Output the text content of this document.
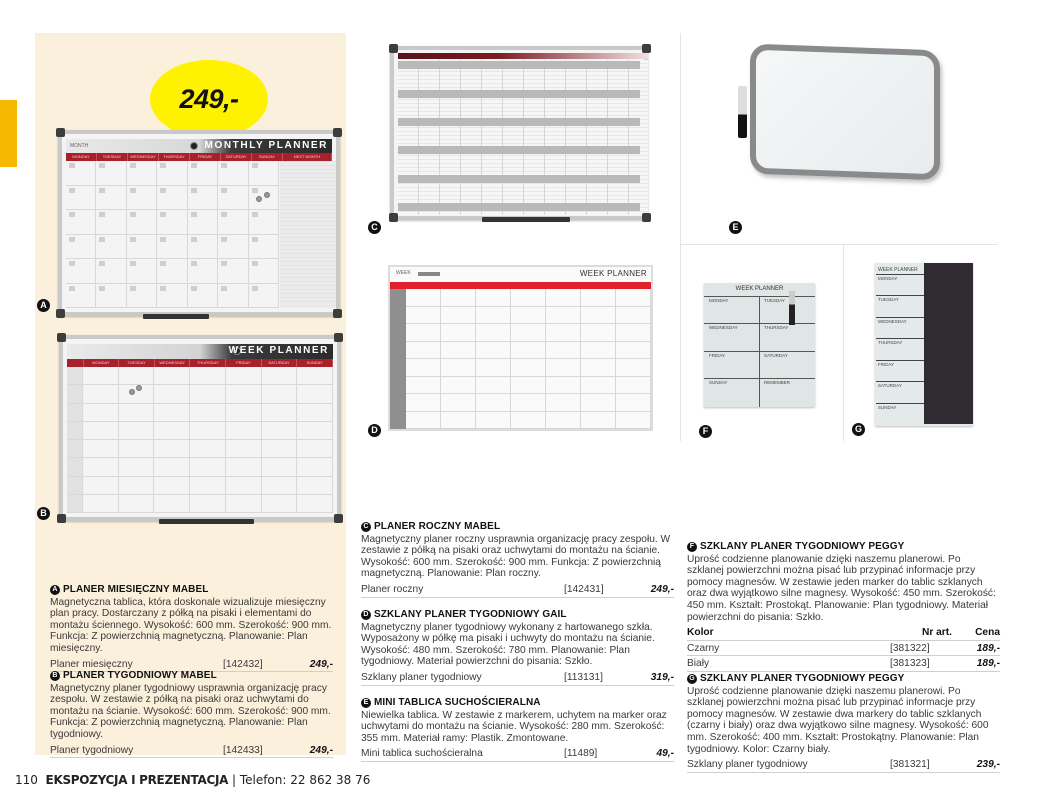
249,-
MONTH	MONTHLY PLANNER
MONDAY	TUESDAY	WEDNESDAY	THURSDAY	FRIDAY	SATURDAY	SUNDAY	NEXT MONTH
A
WEEK PLANNER
MONDAY	TUESDAY	WEDNESDAY	THURSDAY	FRIDAY	SATURDAY	SUNDAY
B
C
WEEK	WEEK PLANNER
D
E
WEEK PLANNER
MONDAY	TUESDAY
WEDNESDAY	THURSDAY
FRIDAY	SATURDAY
SUNDAY	REMEMBER
F
WEEK PLANNER
MONDAY
TUESDAY
WEDNESDAY
THURSDAY
FRIDAY
SATURDAY
SUNDAY
G
A PLANER MIESIĘCZNY MABEL

Magnetyczna tablica, która doskonale wizualizuje miesięczny plan pracy. Dostarczany z półką na pisaki i elementami do montażu ściennego. Wysokość: 600 mm. Szerokość: 900 mm. Funkcja: Z powierzchnią magnetyczną. Planowanie: Plan miesięczny.

Planer miesięczny	[142432]	249,-
B PLANER TYGODNIOWY MABEL

Magnetyczny planer tygodniowy usprawnia organizację pracy zespołu. W zestawie z półką na pisaki oraz uchwytami do montażu na ścianie. Wysokość: 600 mm. Szerokość: 900 mm. Funkcja: Z powierzchnią magnetyczną. Planowanie: Plan tygodniowy.

Planer tygodniowy	[142433]	249,-
C PLANER ROCZNY MABEL

Magnetyczny planer roczny usprawnia organizację pracy zespołu. W zestawie z półką na pisaki oraz uchwytami do montażu na ścianie. Wysokość: 600 mm. Szerokość: 900 mm. Funkcja: Z powierzchnią magnetyczną. Planowanie: Plan roczny.

Planer roczny	[142431]	249,-
D SZKLANY PLANER TYGODNIOWY GAIL

Magnetyczny planer tygodniowy wykonany z hartowanego szkła. Wyposażony w półkę ma pisaki i uchwyty do montażu na ścianie. Wysokość: 480 mm. Szerokość: 780 mm. Planowanie: Plan tygodniowy. Materiał powierzchni do pisania: Szkło.

Szklany planer tygodniowy	[113131]	319,-
E MINI TABLICA SUCHOŚCIERALNA

Niewielka tablica. W zestawie z markerem, uchytem na marker oraz uchwytami do montażu na ścianie. Wysokość: 280 mm. Szerokość: 355 mm. Materiał ramy: Plastik. Zmontowane.

Mini tablica suchościeralna	[11489]	49,-
F SZKLANY PLANER TYGODNIOWY PEGGY

Uprość codzienne planowanie dzięki naszemu planerowi. Po szklanej powierzchni można pisać lub przypinać informacje przy pomocy magnesów. W zestawie jeden marker do tablic szklanych oraz dwa wyjątkowo silne magnesy. Wysokość: 450 mm. Szerokość: 450 mm. Kształt: Prostokąt. Planowanie: Plan tygodniowy. Materiał powierzchni do pisania: Szkło.

Kolor	Nr art.	Cena
Czarny	[381322]	189,-
Biały	[381323]	189,-
G SZKLANY PLANER TYGODNIOWY PEGGY

Uprość codzienne planowanie dzięki naszemu planerowi. Po szklanej powierzchni można pisać lub przypinać informacje przy pomocy magnesów. W zestawie dwa markery do tablic szklanych (czarny i biały) oraz dwa wyjątkowo silne magnesy. Wysokość: 600 mm. Szerokość: 400 mm. Kształt: Prostokątny. Planowanie: Plan tygodniowy. Kolor: Czarny biały.

Szklany planer tygodniowy	[381321]	239,-
110 EKSPOZYCJA I PREZENTACJA | Telefon: 22 862 38 76
